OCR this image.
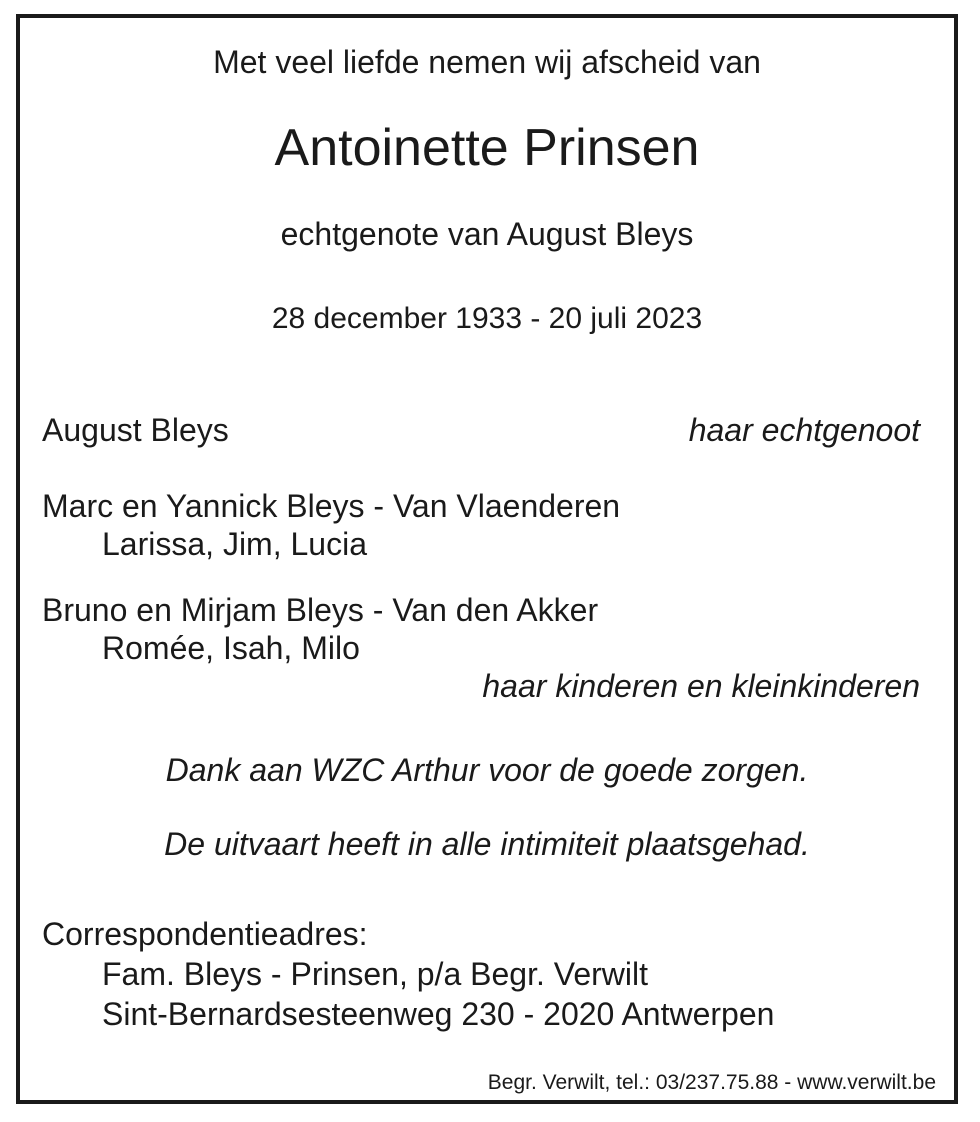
Met veel liefde nemen wij afscheid van
Antoinette Prinsen
echtgenote van August Bleys
28 december 1933 - 20 juli 2023
August Bleys	haar echtgenoot
Marc en Yannick Bleys - Van Vlaenderen
Larissa, Jim, Lucia
Bruno en Mirjam Bleys - Van den Akker
Romée, Isah, Milo
haar kinderen en kleinkinderen
Dank aan WZC Arthur voor de goede zorgen.
De uitvaart heeft in alle intimiteit plaatsgehad.
Correspondentieadres:
Fam. Bleys - Prinsen, p/a Begr. Verwilt
Sint-Bernardsesteenweg 230 - 2020 Antwerpen
Begr. Verwilt, tel.: 03/237.75.88 - www.verwilt.be
